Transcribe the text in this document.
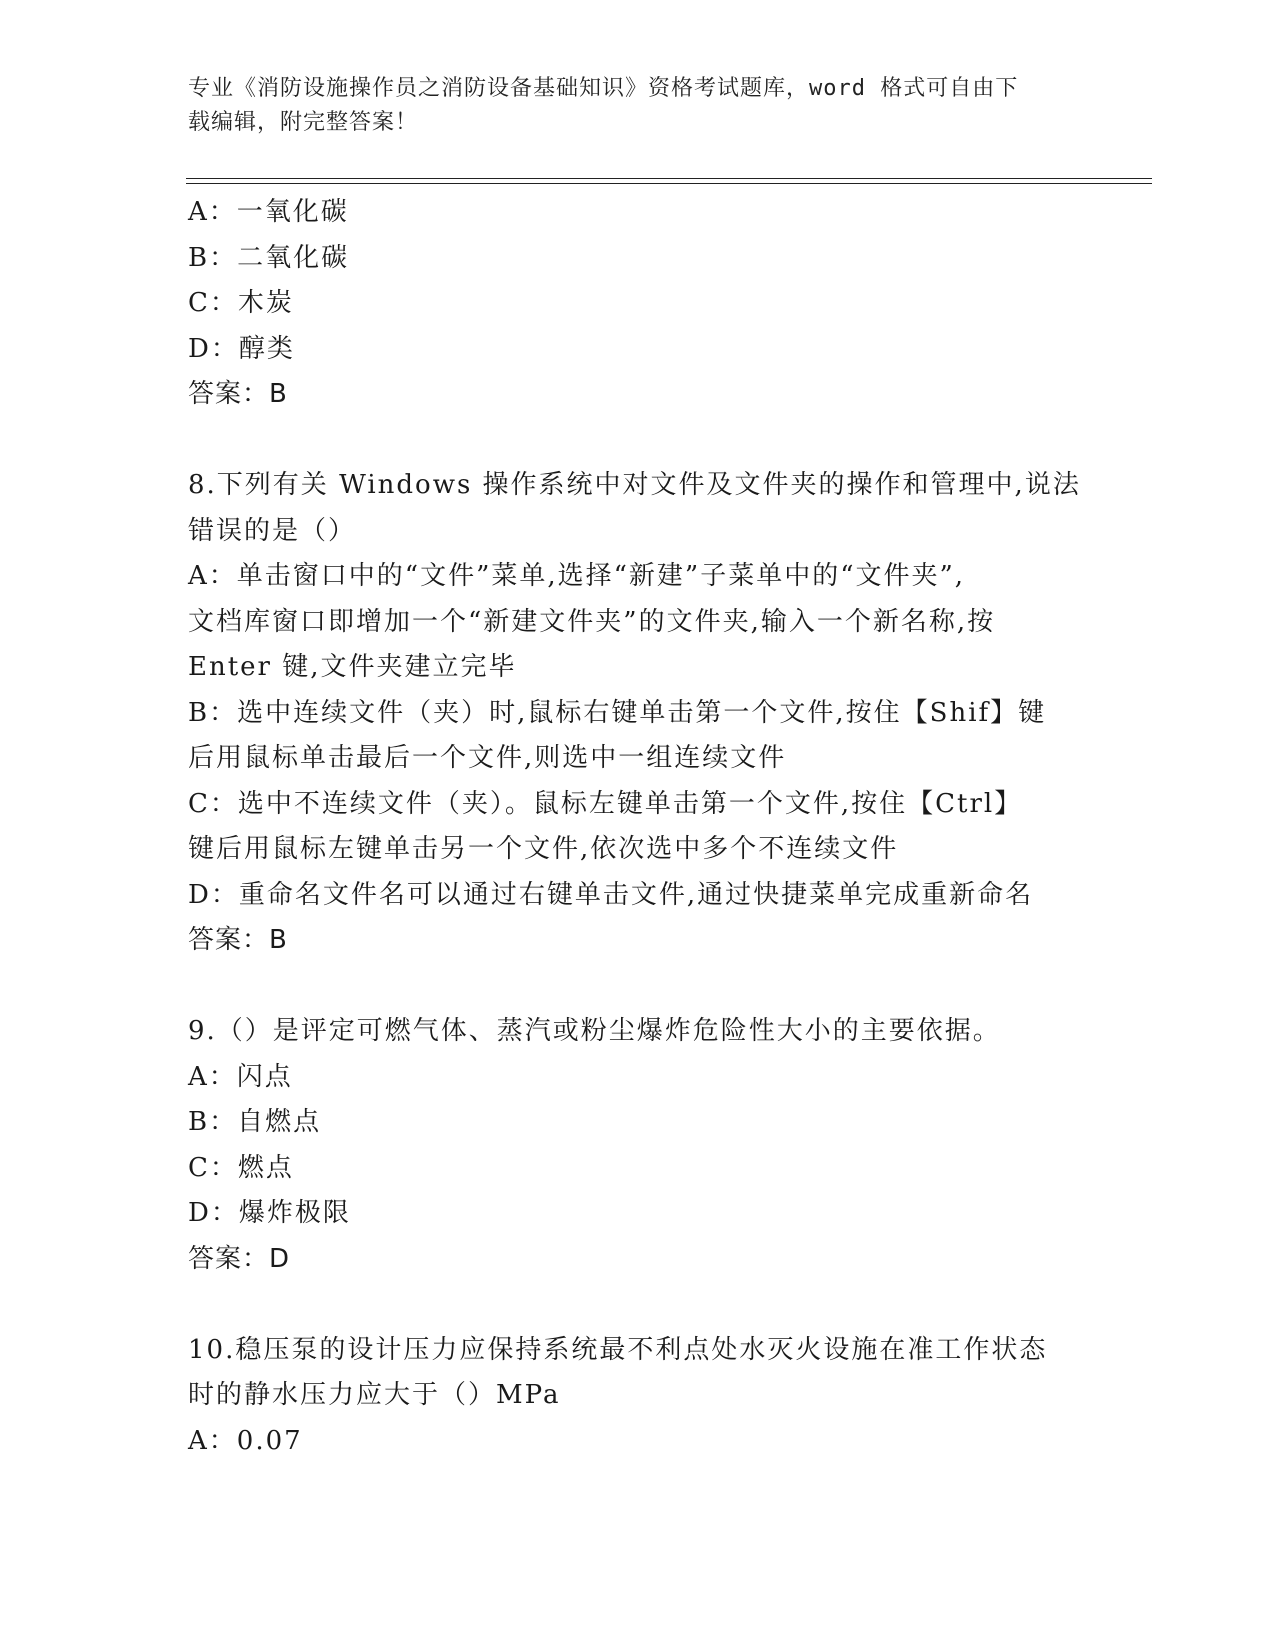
专业《消防设施操作员之消防设备基础知识》资格考试题库，word 格式可自由下
载编辑，附完整答案！
A：一氧化碳
B：二氧化碳
C：木炭
D：醇类
答案：B
8.下列有关 Windows 操作系统中对文件及文件夹的操作和管理中,说法
错误的是（）
A：单击窗口中的“文件”菜单,选择“新建”子菜单中的“文件夹”,
文档库窗口即增加一个“新建文件夹”的文件夹,输入一个新名称,按
Enter 键,文件夹建立完毕
B：选中连续文件（夹）时,鼠标右键单击第一个文件,按住【Shif】键
后用鼠标单击最后一个文件,则选中一组连续文件
C：选中不连续文件（夹）。鼠标左键单击第一个文件,按住【Ctrl】
键后用鼠标左键单击另一个文件,依次选中多个不连续文件
D：重命名文件名可以通过右键单击文件,通过快捷菜单完成重新命名
答案：B
9.（）是评定可燃气体、蒸汽或粉尘爆炸危险性大小的主要依据。
A：闪点
B：自燃点
C：燃点
D：爆炸极限
答案：D
10.稳压泵的设计压力应保持系统最不利点处水灭火设施在准工作状态
时的静水压力应大于（）MPa
A：0.07
